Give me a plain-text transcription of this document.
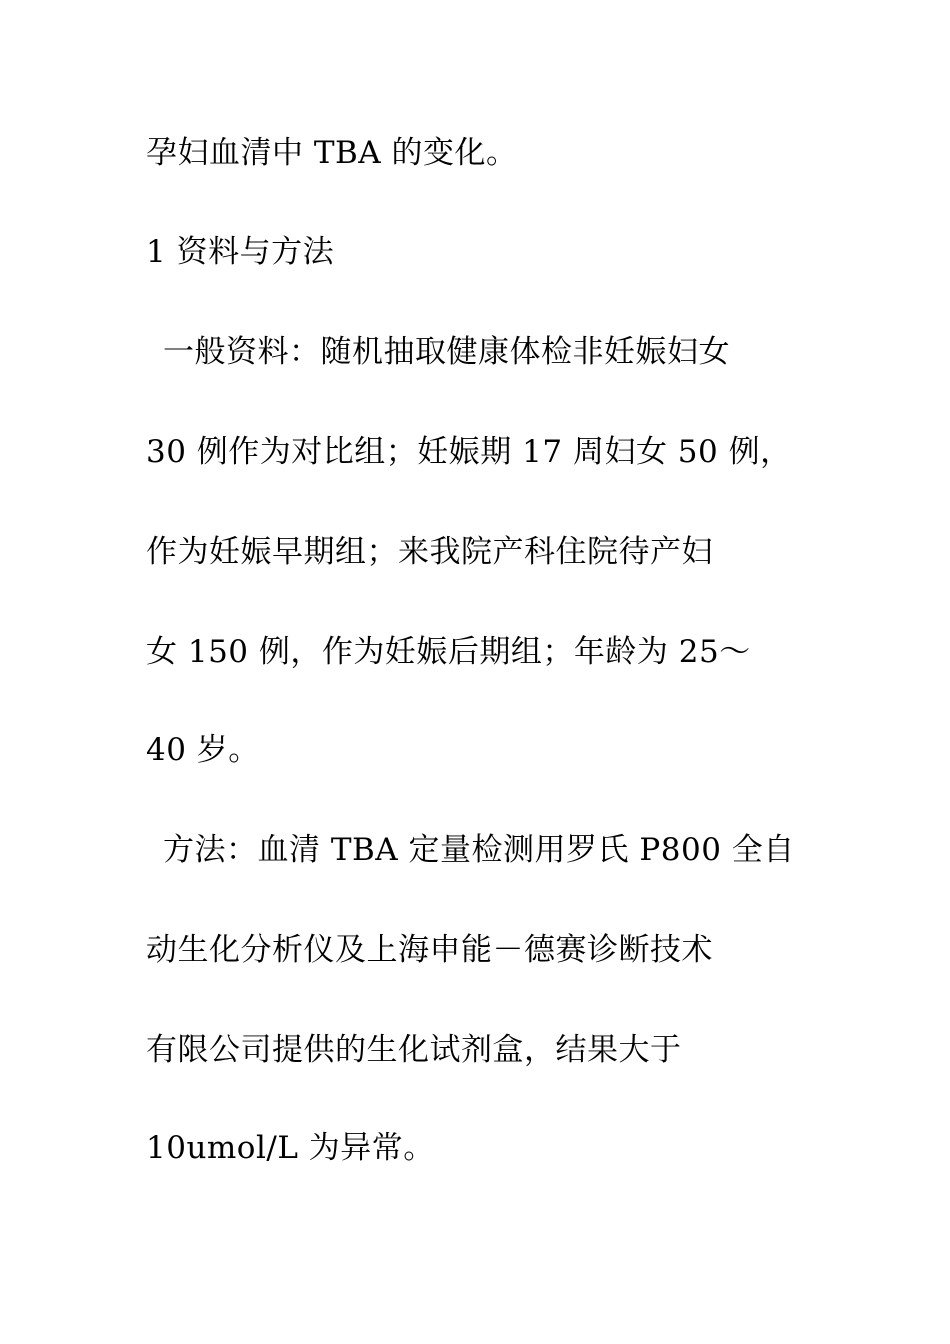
孕妇血清中 TBA 的变化。
1 资料与方法
一般资料：随机抽取健康体检非妊娠妇女
30 例作为对比组；妊娠期 17 周妇女 50 例，
作为妊娠早期组；来我院产科住院待产妇
女 150 例，作为妊娠后期组；年龄为 25～
40 岁。
方法：血清 TBA 定量检测用罗氏 P800 全自
动生化分析仪及上海申能－德赛诊断技术
有限公司提供的生化试剂盒，结果大于
10umol/L 为异常。
